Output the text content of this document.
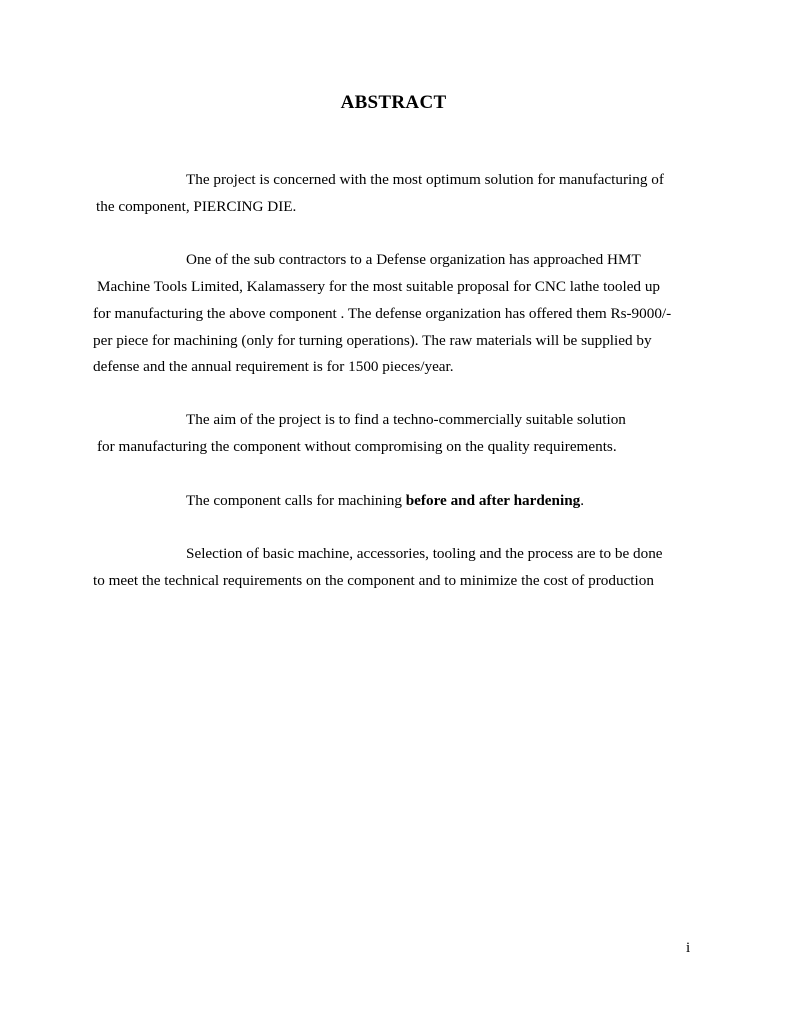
ABSTRACT
The project is concerned with the most optimum solution for manufacturing of
the component, PIERCING DIE.
One of the sub contractors to a Defense organization has approached HMT
Machine Tools Limited, Kalamassery for the most suitable proposal for CNC lathe tooled up
for manufacturing the above component . The defense organization has offered them Rs-9000/-
per piece for machining (only for turning operations). The raw materials will be supplied by
defense and the annual requirement is for 1500 pieces/year.
The aim of the project is to find a techno-commercially suitable solution
for manufacturing the component without compromising on the quality requirements.
The component calls for machining before and after hardening.
Selection of basic machine, accessories, tooling and the process are to be done
to meet the technical requirements on the component and to minimize the cost of production
i
